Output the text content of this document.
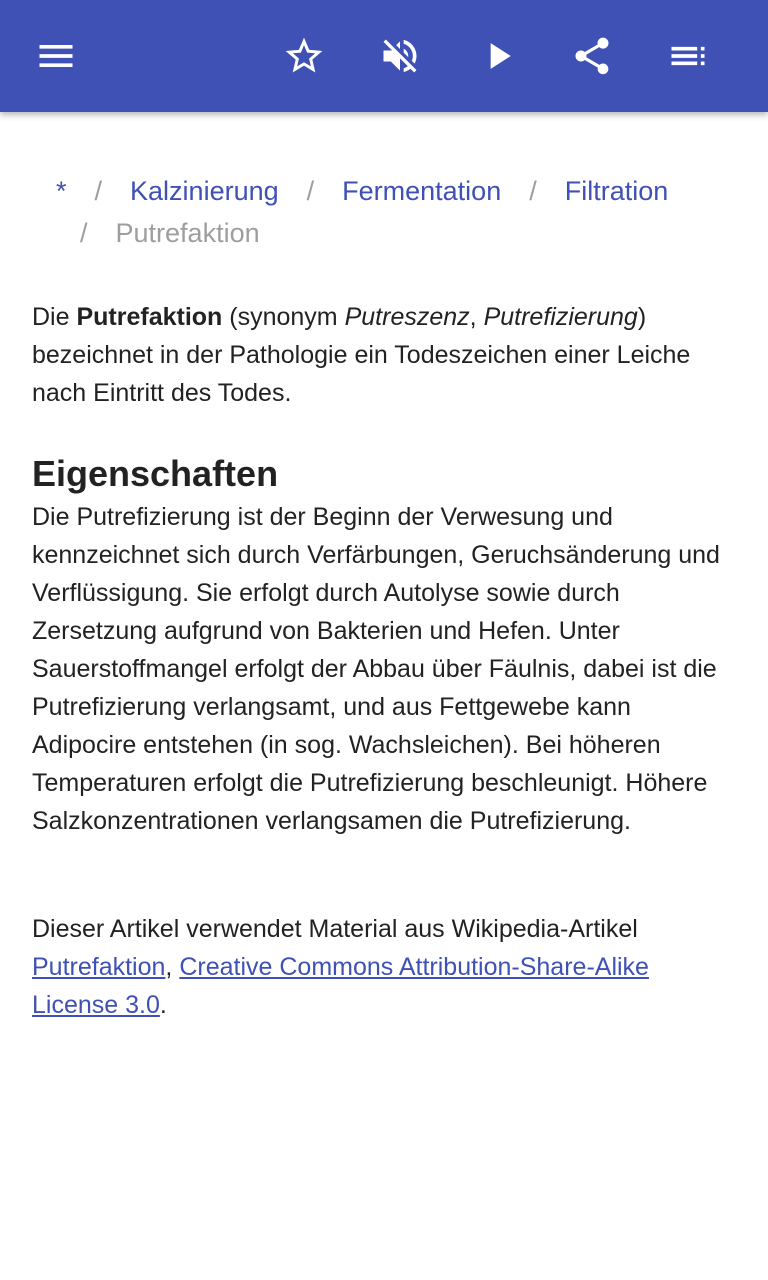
* / Kalzinierung / Fermentation / Filtration
/ Putrefaktion

Die Putrefaktion (synonym Putreszenz, Putrefizierung) bezeichnet in der Pathologie ein Todeszeichen einer Leiche nach Eintritt des Todes.

Eigenschaften

Die Putrefizierung ist der Beginn der Verwesung und kennzeichnet sich durch Verfärbungen, Geruchsänderung und Verflüssigung. Sie erfolgt durch Autolyse sowie durch Zersetzung aufgrund von Bakterien und Hefen. Unter Sauerstoffmangel erfolgt der Abbau über Fäulnis, dabei ist die Putrefizierung verlangsamt, und aus Fettgewebe kann Adipocire entstehen (in sog. Wachsleichen). Bei höheren Temperaturen erfolgt die Putrefizierung beschleunigt. Höhere Salzkonzentrationen verlangsamen die Putrefizierung.

Dieser Artikel verwendet Material aus Wikipedia-Artikel Putrefaktion, Creative Commons Attribution-Share-Alike License 3.0.
